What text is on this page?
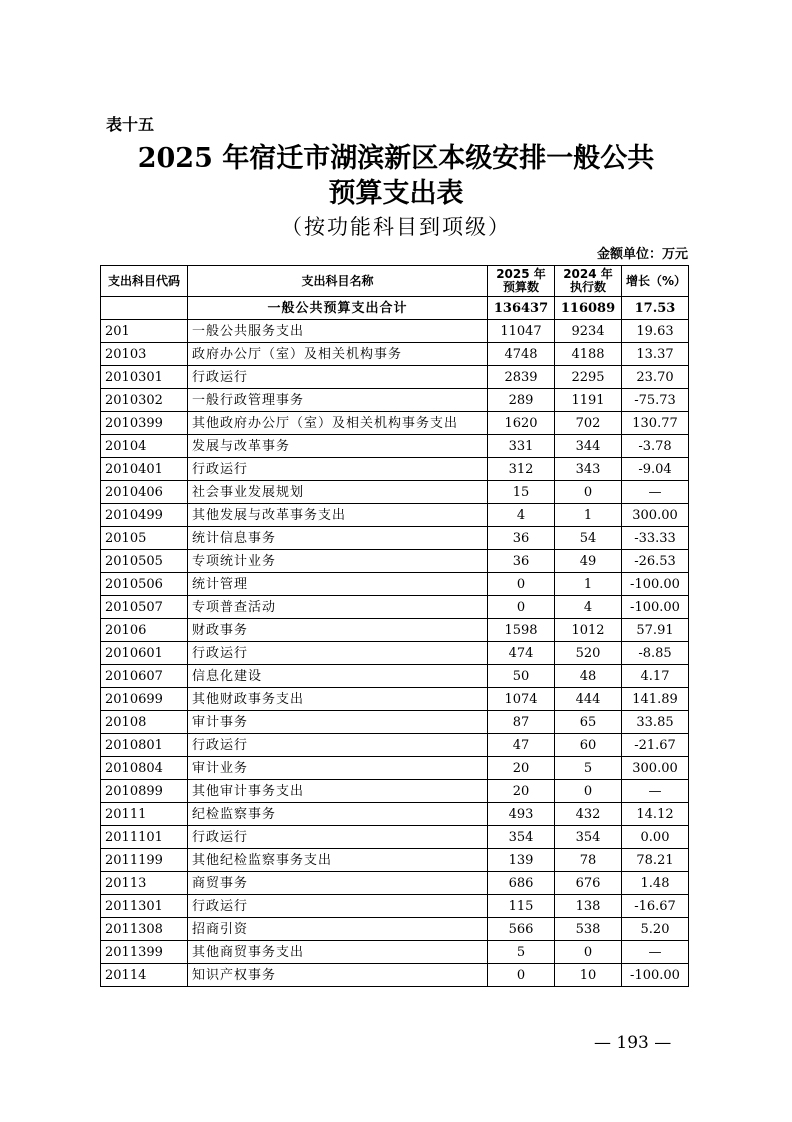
表十五
2025 年宿迁市湖滨新区本级安排一般公共
预算支出表
（按功能科目到项级）
金额单位：万元
支出科目代码	支出科目名称	2025 年预算数	2024 年执行数	增长（%）
	一般公共预算支出合计	136437	116089	17.53
201	一般公共服务支出	11047	9234	19.63
20103	政府办公厅（室）及相关机构事务	4748	4188	13.37
2010301	行政运行	2839	2295	23.70
2010302	一般行政管理事务	289	1191	-75.73
2010399	其他政府办公厅（室）及相关机构事务支出	1620	702	130.77
20104	发展与改革事务	331	344	-3.78
2010401	行政运行	312	343	-9.04
2010406	社会事业发展规划	15	0	—
2010499	其他发展与改革事务支出	4	1	300.00
20105	统计信息事务	36	54	-33.33
2010505	专项统计业务	36	49	-26.53
2010506	统计管理	0	1	-100.00
2010507	专项普查活动	0	4	-100.00
20106	财政事务	1598	1012	57.91
2010601	行政运行	474	520	-8.85
2010607	信息化建设	50	48	4.17
2010699	其他财政事务支出	1074	444	141.89
20108	审计事务	87	65	33.85
2010801	行政运行	47	60	-21.67
2010804	审计业务	20	5	300.00
2010899	其他审计事务支出	20	0	—
20111	纪检监察事务	493	432	14.12
2011101	行政运行	354	354	0.00
2011199	其他纪检监察事务支出	139	78	78.21
20113	商贸事务	686	676	1.48
2011301	行政运行	115	138	-16.67
2011308	招商引资	566	538	5.20
2011399	其他商贸事务支出	5	0	—
20114	知识产权事务	0	10	-100.00
— 193 —
